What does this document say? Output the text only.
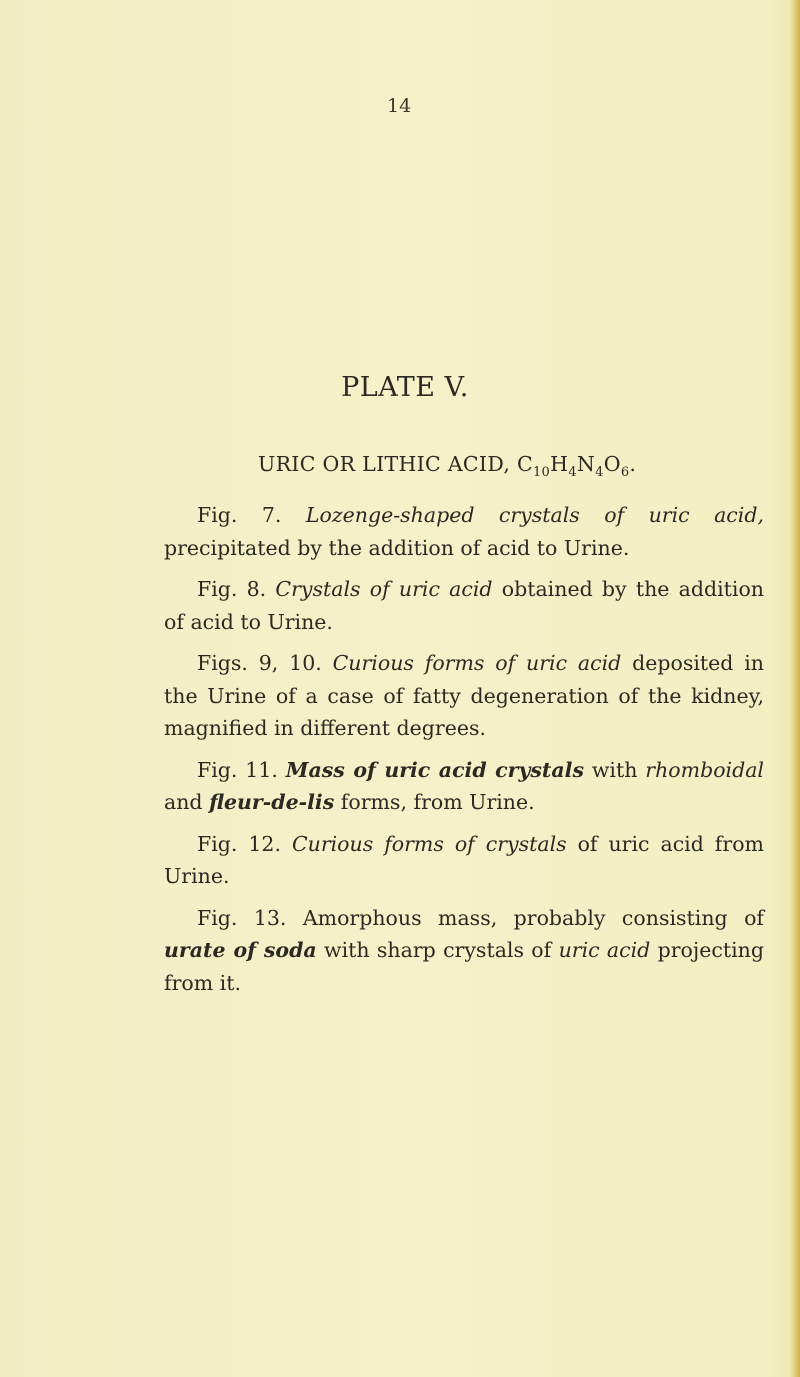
14
PLATE V.
URIC OR LITHIC ACID, $C_{10}H_4N_4O_6$.

Fig. 7. Lozenge-shaped crystals of uric acid, precipitated by the addition of acid to Urine.

Fig. 8. Crystals of uric acid obtained by the addition of acid to Urine.

Figs. 9, 10. Curious forms of uric acid deposited in the Urine of a case of fatty degeneration of the kidney, magnified in different degrees.

Fig. 11. Mass of uric acid crystals with rhomboidal and fleur-de-lis forms, from Urine.

Fig. 12. Curious forms of crystals of uric acid from Urine.

Fig. 13. Amorphous mass, probably consisting of urate of soda with sharp crystals of uric acid projecting from it.
